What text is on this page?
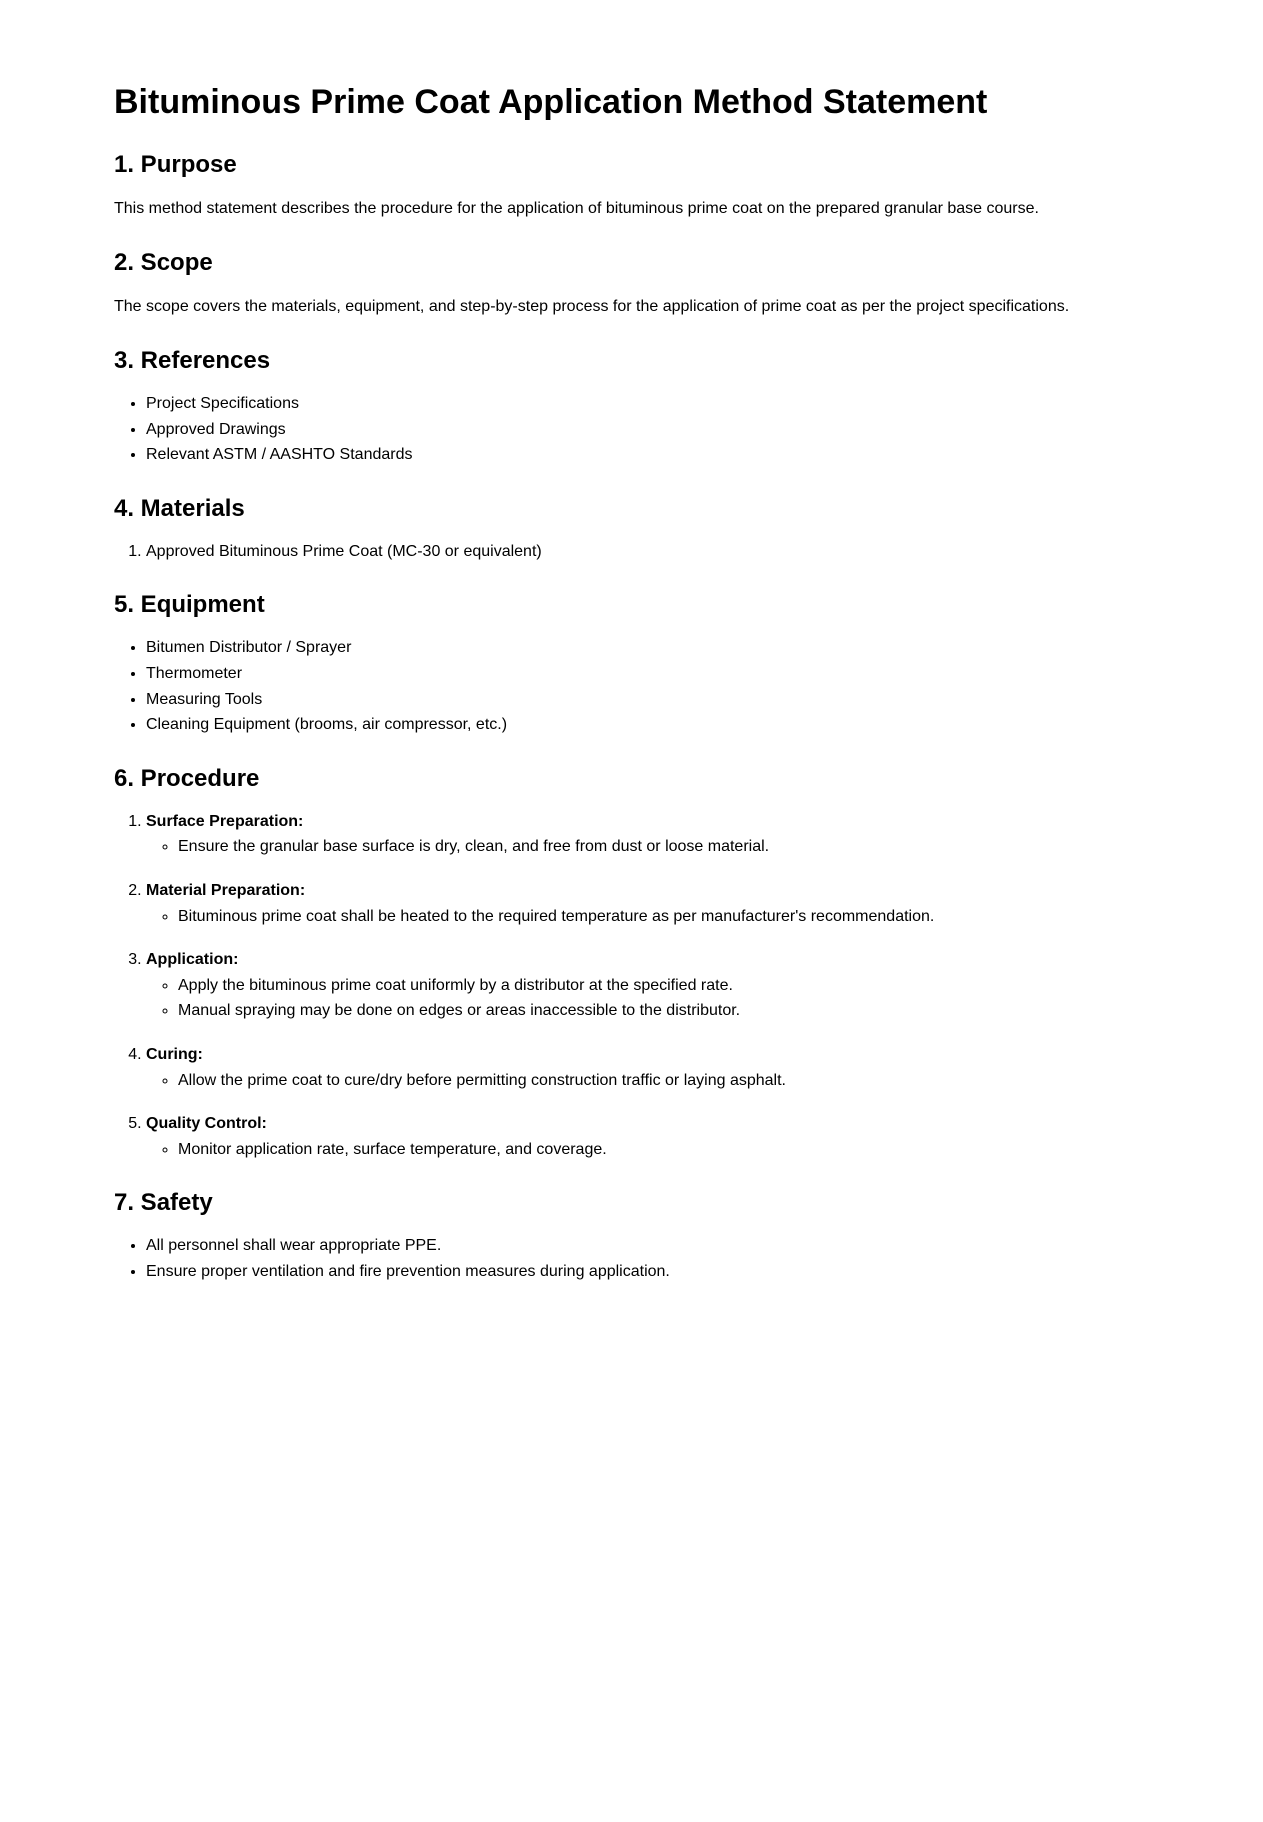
Bituminous Prime Coat Application Method Statement
1. Purpose

This method statement describes the procedure for the application of bituminous prime coat on the prepared granular base course.

2. Scope

The scope covers the materials, equipment, and step-by-step process for the application of prime coat as per the project specifications.

3. References
• Project Specifications
• Approved Drawings
• Relevant ASTM / AASHTO Standards
4. Materials
1. Approved Bituminous Prime Coat (MC-30 or equivalent)
5. Equipment
• Bitumen Distributor / Sprayer
• Thermometer
• Measuring Tools
• Cleaning Equipment (brooms, air compressor, etc.)
6. Procedure
1. Surface Preparation:
◦ Ensure the granular base surface is dry, clean, and free from dust or loose material.
2. Material Preparation:
◦ Bituminous prime coat shall be heated to the required temperature as per manufacturer's recommendation.
3. Application:
◦ Apply the bituminous prime coat uniformly by a distributor at the specified rate.
◦ Manual spraying may be done on edges or areas inaccessible to the distributor.
4. Curing:
◦ Allow the prime coat to cure/dry before permitting construction traffic or laying asphalt.
5. Quality Control:
◦ Monitor application rate, surface temperature, and coverage.
7. Safety
• All personnel shall wear appropriate PPE.
• Ensure proper ventilation and fire prevention measures during application.
